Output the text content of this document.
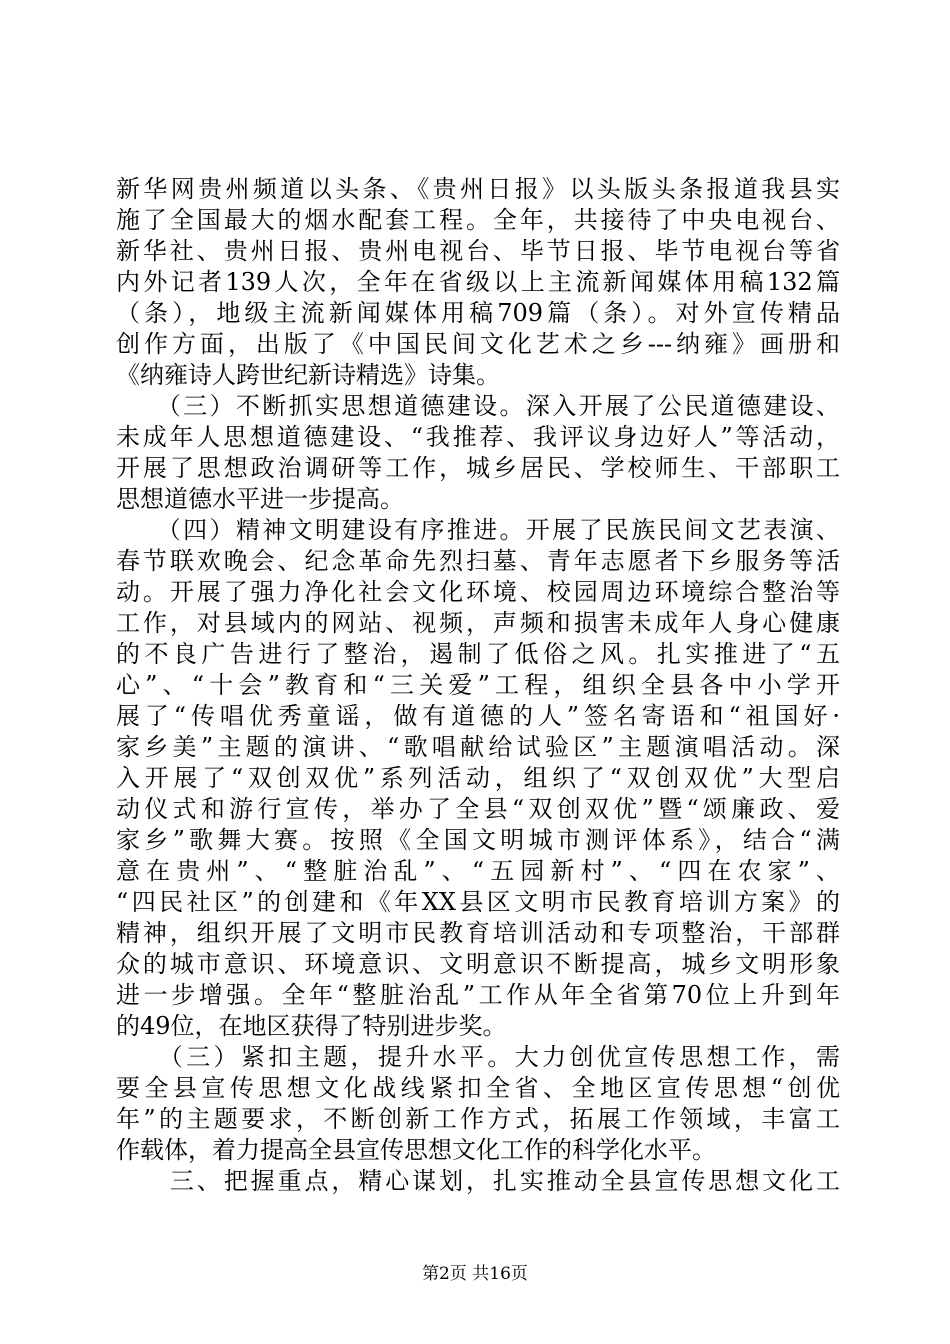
新华网贵州频道以头条、《贵州日报》以头版头条报道我县实
施了全国最大的烟水配套工程。全年，共接待了中央电视台、
新华社、贵州日报、贵州电视台、毕节日报、毕节电视台等省
内外记者139人次，全年在省级以上主流新闻媒体用稿132篇
（条），地级主流新闻媒体用稿709篇（条）。对外宣传精品
创作方面，出版了《中国民间文化艺术之乡---纳雍》画册和
《纳雍诗人跨世纪新诗精选》诗集。
　　（三）不断抓实思想道德建设。深入开展了公民道德建设、
未成年人思想道德建设、“我推荐、我评议身边好人”等活动，
开展了思想政治调研等工作，城乡居民、学校师生、干部职工
思想道德水平进一步提高。
　　（四）精神文明建设有序推进。开展了民族民间文艺表演、
春节联欢晚会、纪念革命先烈扫墓、青年志愿者下乡服务等活
动。开展了强力净化社会文化环境、校园周边环境综合整治等
工作，对县域内的网站、视频，声频和损害未成年人身心健康
的不良广告进行了整治，遏制了低俗之风。扎实推进了“五
心”、“十会”教育和“三关爱”工程，组织全县各中小学开
展了“传唱优秀童谣，做有道德的人”签名寄语和“祖国好·
家乡美”主题的演讲、“歌唱献给试验区”主题演唱活动。深
入开展了“双创双优”系列活动，组织了“双创双优”大型启
动仪式和游行宣传，举办了全县“双创双优”暨“颂廉政、爱
家乡”歌舞大赛。按照《全国文明城市测评体系》，结合“满
意在贵州”、“整脏治乱”、“五园新村”、“四在农家”、
“四民社区”的创建和《年XX县区文明市民教育培训方案》的
精神，组织开展了文明市民教育培训活动和专项整治，干部群
众的城市意识、环境意识、文明意识不断提高，城乡文明形象
进一步增强。全年“整脏治乱”工作从年全省第70位上升到年
的49位，在地区获得了特别进步奖。
　　（三）紧扣主题，提升水平。大力创优宣传思想工作，需
要全县宣传思想文化战线紧扣全省、全地区宣传思想“创优
年”的主题要求，不断创新工作方式，拓展工作领域，丰富工
作载体，着力提高全县宣传思想文化工作的科学化水平。
　　三、把握重点，精心谋划，扎实推动全县宣传思想文化工
第2页 共16页
